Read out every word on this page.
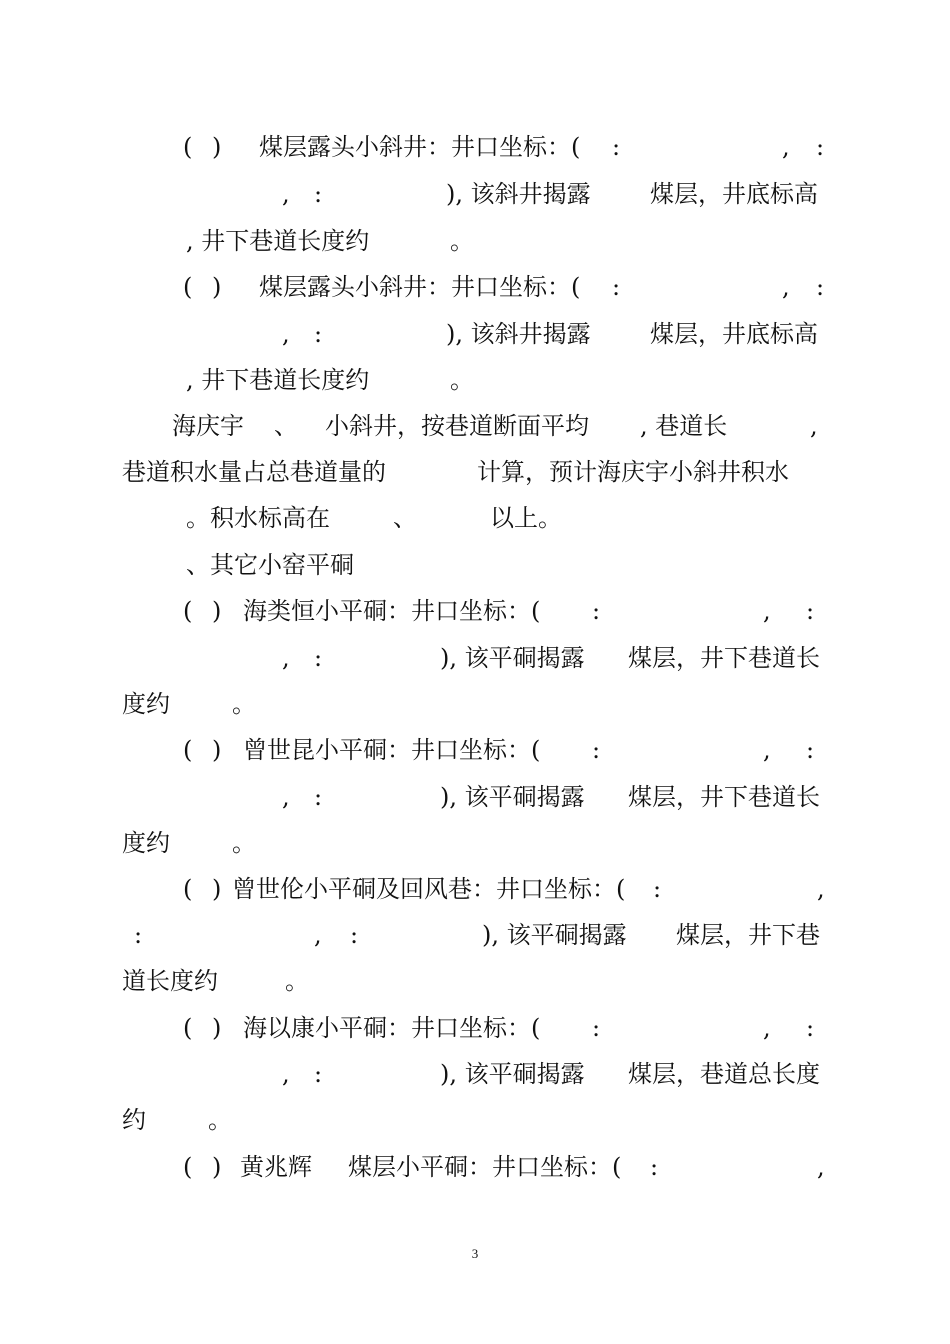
3
( ) 煤层露头小斜井：井口坐标：( :	, :
, :	), 该斜井揭露 煤层，井底标高
, 井下巷道长度约	。
( ) 煤层露头小斜井：井口坐标：( :	, :
, :	), 该斜井揭露 煤层，井底标高
, 井下巷道长度约	。
海庆宇 、 小斜井，按巷道断面平均 , 巷道长	,
巷道积水量占总巷道量的	计算，预计海庆宇小斜井积水
。积水标高在	、	以上。
、其它小窑平硐
( ) 海类恒小平硐：井口坐标：( :	, :
, :	), 该平硐揭露 煤层，井下巷道长
度约	。
( ) 曾世昆小平硐：井口坐标：( :	, :
, :	), 该平硐揭露 煤层，井下巷道长
度约	。
( ) 曾世伦小平硐及回风巷：井口坐标：( :	,
:	, :	), 该平硐揭露 煤层，井下巷
道长度约	。
( ) 海以康小平硐：井口坐标：( :	, :
, :	), 该平硐揭露 煤层，巷道总长度
约	。
( ) 黄兆辉 煤层小平硐：井口坐标：( :	,
